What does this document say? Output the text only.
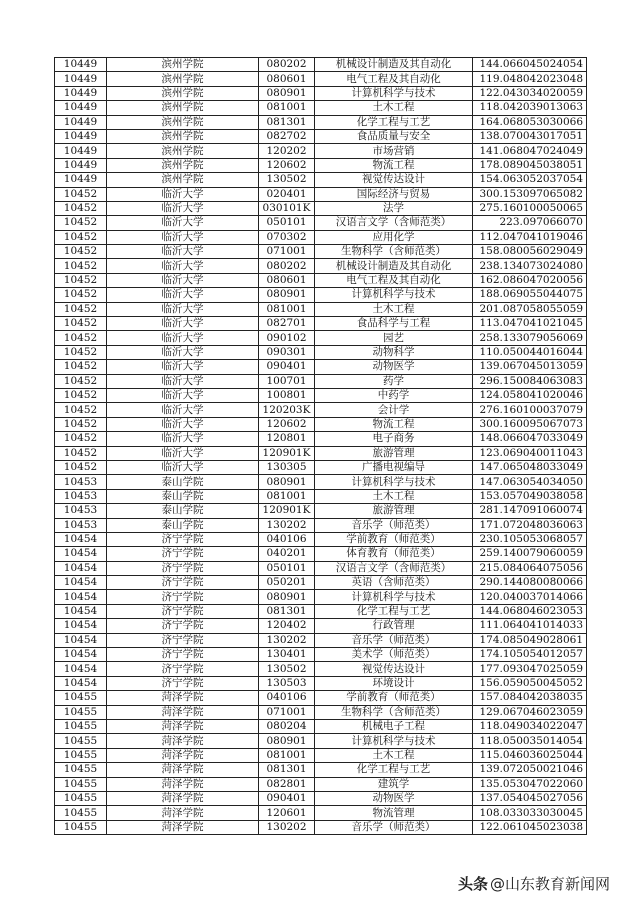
10449	滨州学院	080202	机械设计制造及其自动化	144.066045024054
10449	滨州学院	080601	电气工程及其自动化	119.048042023048
10449	滨州学院	080901	计算机科学与技术	122.043034020059
10449	滨州学院	081001	土木工程	118.042039013063
10449	滨州学院	081301	化学工程与工艺	164.068053030066
10449	滨州学院	082702	食品质量与安全	138.070043017051
10449	滨州学院	120202	市场营销	141.068047024049
10449	滨州学院	120602	物流工程	178.089045038051
10449	滨州学院	130502	视觉传达设计	154.063052037054
10452	临沂大学	020401	国际经济与贸易	300.153097065082
10452	临沂大学	030101K	法学	275.160100050065
10452	临沂大学	050101	汉语言文学（含师范类）	223.097066070
10452	临沂大学	070302	应用化学	112.047041019046
10452	临沂大学	071001	生物科学（含师范类）	158.080056029049
10452	临沂大学	080202	机械设计制造及其自动化	238.134073024080
10452	临沂大学	080601	电气工程及其自动化	162.086047020056
10452	临沂大学	080901	计算机科学与技术	188.069055044075
10452	临沂大学	081001	土木工程	201.087058055059
10452	临沂大学	082701	食品科学与工程	113.047041021045
10452	临沂大学	090102	园艺	258.133079056069
10452	临沂大学	090301	动物科学	110.050044016044
10452	临沂大学	090401	动物医学	139.067045013059
10452	临沂大学	100701	药学	296.150084063083
10452	临沂大学	100801	中药学	124.058041020046
10452	临沂大学	120203K	会计学	276.160100037079
10452	临沂大学	120602	物流工程	300.160095067073
10452	临沂大学	120801	电子商务	148.066047033049
10452	临沂大学	120901K	旅游管理	123.069040011043
10452	临沂大学	130305	广播电视编导	147.065048033049
10453	泰山学院	080901	计算机科学与技术	147.063054034050
10453	泰山学院	081001	土木工程	153.057049038058
10453	泰山学院	120901K	旅游管理	281.147091060074
10453	泰山学院	130202	音乐学（师范类）	171.072048036063
10454	济宁学院	040106	学前教育（师范类）	230.105053068057
10454	济宁学院	040201	体育教育（师范类）	259.140079060059
10454	济宁学院	050101	汉语言文学（含师范类）	215.084064075056
10454	济宁学院	050201	英语（含师范类）	290.144080080066
10454	济宁学院	080901	计算机科学与技术	120.040037014066
10454	济宁学院	081301	化学工程与工艺	144.068046023053
10454	济宁学院	120402	行政管理	111.064041014033
10454	济宁学院	130202	音乐学（师范类）	174.085049028061
10454	济宁学院	130401	美术学（师范类）	174.105054012057
10454	济宁学院	130502	视觉传达设计	177.093047025059
10454	济宁学院	130503	环境设计	156.059050045052
10455	菏泽学院	040106	学前教育（师范类）	157.084042038035
10455	菏泽学院	071001	生物科学（含师范类）	129.067046023059
10455	菏泽学院	080204	机械电子工程	118.049034022047
10455	菏泽学院	080901	计算机科学与技术	118.050035014054
10455	菏泽学院	081001	土木工程	115.046036025044
10455	菏泽学院	081301	化学工程与工艺	139.072050021046
10455	菏泽学院	082801	建筑学	135.053047022060
10455	菏泽学院	090401	动物医学	137.054045027056
10455	菏泽学院	120601	物流管理	108.033033030045
10455	菏泽学院	130202	音乐学（师范类）	122.061045023038
头条 @山东教育新闻网
